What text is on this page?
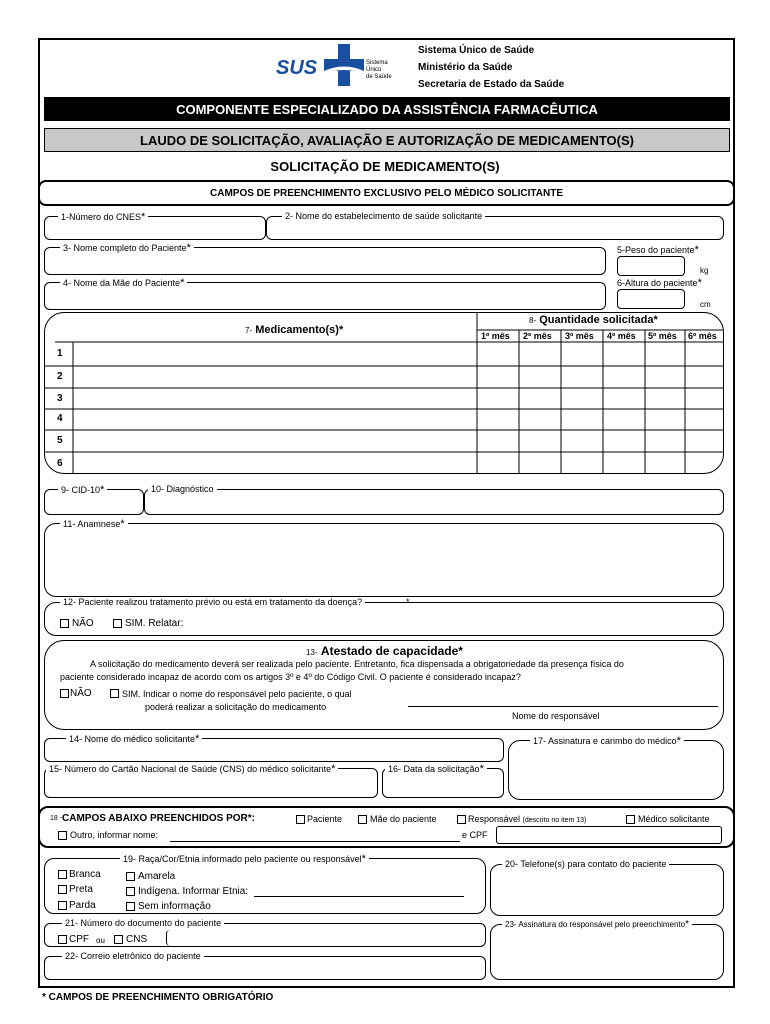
SUS	Sistema
Único
de Saúde
Sistema Único de Saúde
Ministério da Saúde
Secretaria de Estado da Saúde
COMPONENTE ESPECIALIZADO DA ASSISTÊNCIA FARMACÊUTICA
LAUDO DE SOLICITAÇÃO, AVALIAÇÃO E AUTORIZAÇÃO DE MEDICAMENTO(S)
SOLICITAÇÃO DE MEDICAMENTO(S)
CAMPOS DE PREENCHIMENTO EXCLUSIVO PELO MÉDICO SOLICITANTE
1-Número do CNES*	2- Nome do estabelecimento de saúde solicitante
3- Nome completo do Paciente*	5-Peso do paciente*
kg
4- Nome da Mãe do Paciente*	6-Altura do paciente*
cm
7- Medicamento(s)*
8- Quantidade solicitada*
1º mês 2º mês 3º mês 4º mês 5º mês 6º mês
1
2
3
4
5
6
9- CID-10*	10- Diagnóstico
11- Anamnese*
12- Paciente realizou tratamento prévio ou está em tratamento da doença?	*
NÃO	SIM. Relatar:
13- Atestado de capacidade*
A solicitação do medicamento deverá ser realizada pelo paciente. Entretanto, fica dispensada a obrigatoriedade da presença física do
paciente considerado incapaz de acordo com os artigos 3º e 4º do Código Civil. O paciente é considerado incapaz?
NÃO	SIM. Indicar o nome do responsável pelo paciente, o qual
poderá realizar a solicitação do medicamento
Nome do responsável
14- Nome do médico solicitante*
15- Número do Cartão Nacional de Saúde (CNS) do médico solicitante*	16- Data da solicitação*
17- Assinatura e carimbo do médico*
18 - CAMPOS ABAIXO PREENCHIDOS POR*:	Paciente	Mãe do paciente	Responsável (descrito no item 13)	Médico solicitante
Outro, informar nome:	e CPF
19- Raça/Cor/Etnia informado pelo paciente ou responsável*
Branca
Preta
Parda
Amarela
Indígena. Informar Etnia:
Sem informação
20- Telefone(s) para contato do paciente
21- Número do documento do paciente
CPF ou CNS
22- Correio eletrônico do paciente
23- Assinatura do responsável pelo preenchimento*
* CAMPOS DE PREENCHIMENTO OBRIGATÓRIO
